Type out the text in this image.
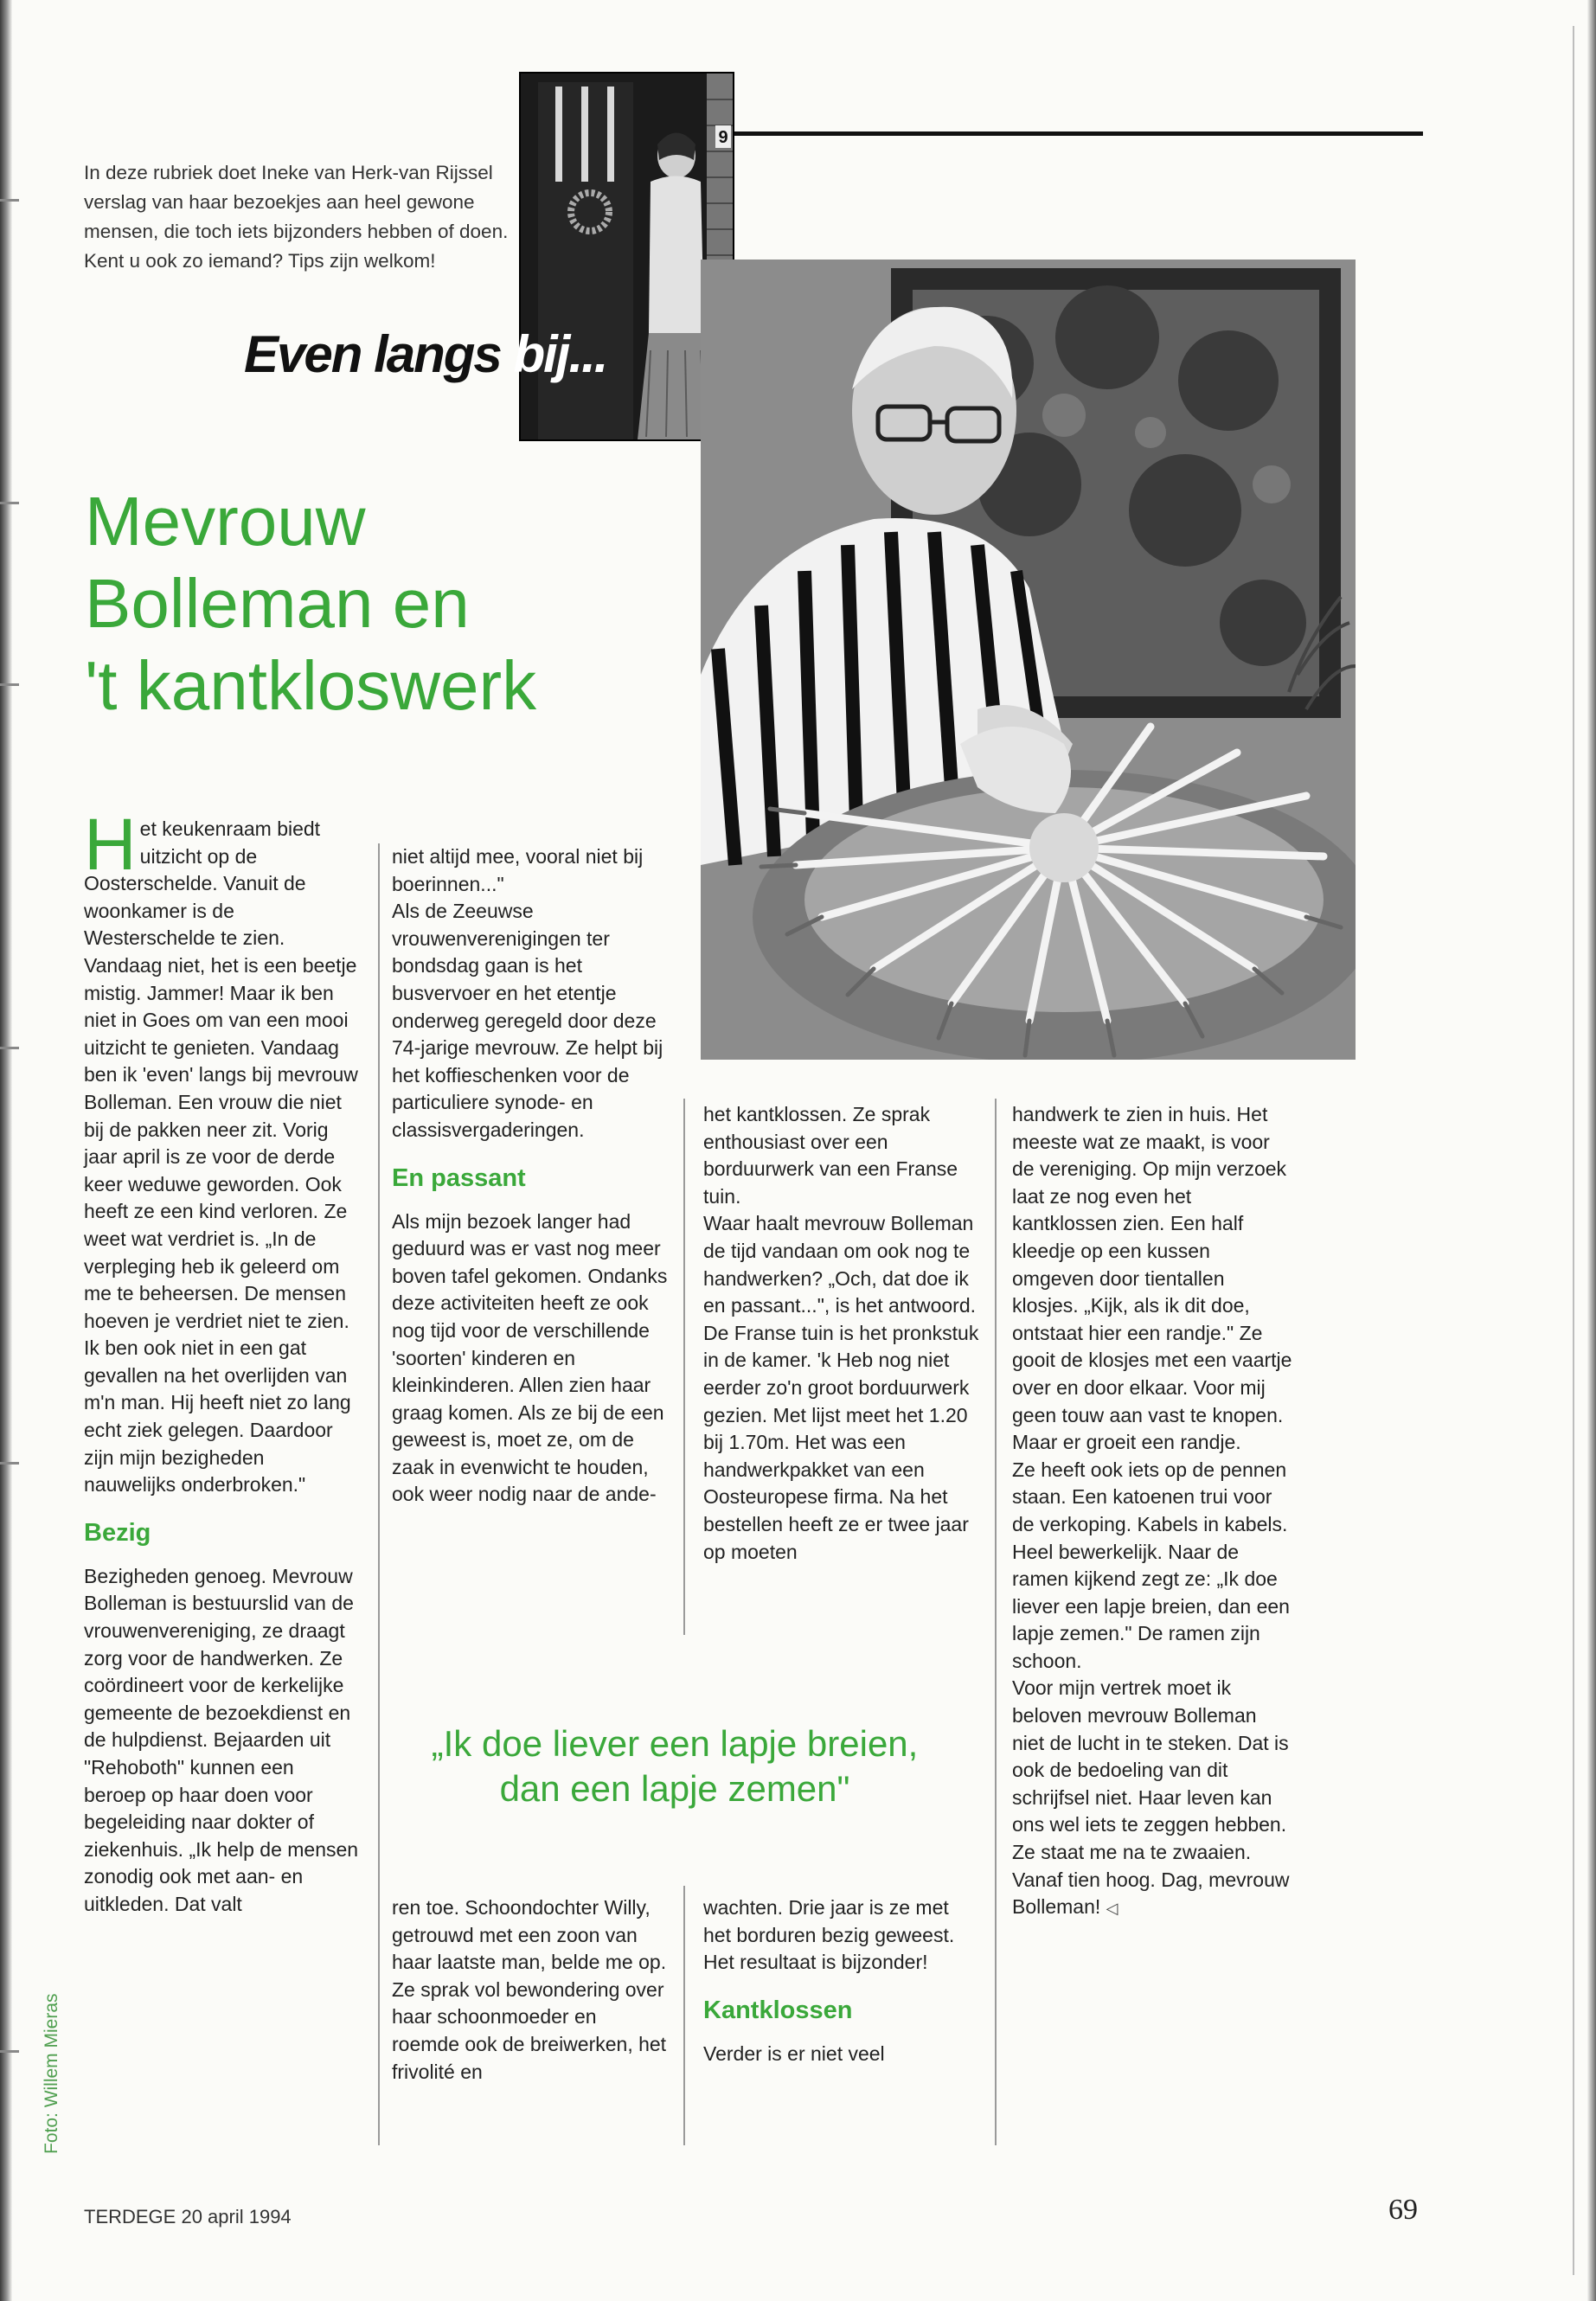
In deze rubriek doet Ineke van Herk-van Rijssel verslag van haar bezoekjes aan heel gewone mensen, die toch iets bijzonders hebben of doen. Kent u ook zo iemand? Tips zijn welkom!
9
Even langs bij...
Mevrouw
Bolleman en
't kantkloswerk

Het keukenraam biedt uitzicht op de Oosterschelde. Vanuit de woonkamer is de Westerschelde te zien. Vandaag niet, het is een beetje mistig. Jammer! Maar ik ben niet in Goes om van een mooi uitzicht te genieten. Vandaag ben ik 'even' langs bij mevrouw Bolleman. Een vrouw die niet bij de pakken neer zit. Vorig jaar april is ze voor de derde keer weduwe geworden. Ook heeft ze een kind verloren. Ze weet wat verdriet is. „In de verpleging heb ik geleerd om me te beheersen. De mensen hoeven je verdriet niet te zien. Ik ben ook niet in een gat gevallen na het overlijden van m'n man. Hij heeft niet zo lang echt ziek gelegen. Daardoor zijn mijn bezigheden nauwelijks onderbroken."

Bezig

Bezigheden genoeg. Mevrouw Bolleman is bestuurslid van de vrouwenvereniging, ze draagt zorg voor de handwerken. Ze coördineert voor de kerkelijke gemeente de bezoekdienst en de hulpdienst. Bejaarden uit "Rehoboth" kunnen een beroep op haar doen voor begeleiding naar dokter of ziekenhuis. „Ik help de mensen zonodig ook met aan- en uitkleden. Dat valt

niet altijd mee, vooral niet bij boerinnen..."

Als de Zeeuwse vrouwenverenigingen ter bondsdag gaan is het busvervoer en het etentje onderweg geregeld door deze 74-jarige mevrouw. Ze helpt bij het koffieschenken voor de particuliere synode- en classisvergaderingen.

En passant

Als mijn bezoek langer had geduurd was er vast nog meer boven tafel gekomen. Ondanks deze activiteiten heeft ze ook nog tijd voor de verschillende 'soorten' kinderen en kleinkinderen. Allen zien haar graag komen. Als ze bij de een geweest is, moet ze, om de zaak in evenwicht te houden, ook weer nodig naar de ande-

ren toe. Schoondochter Willy, getrouwd met een zoon van haar laatste man, belde me op. Ze sprak vol bewondering over haar schoonmoeder en roemde ook de breiwerken, het frivolité en

het kantklossen. Ze sprak enthousiast over een borduurwerk van een Franse tuin.

Waar haalt mevrouw Bolleman de tijd vandaan om ook nog te handwerken? „Och, dat doe ik en passant...", is het antwoord. De Franse tuin is het pronkstuk in de kamer. 'k Heb nog niet eerder zo'n groot borduurwerk gezien. Met lijst meet het 1.20 bij 1.70m. Het was een handwerkpakket van een Oosteuropese firma. Na het bestellen heeft ze er twee jaar op moeten

wachten. Drie jaar is ze met het borduren bezig geweest. Het resultaat is bijzonder!

Kantklossen

Verder is er niet veel

handwerk te zien in huis. Het meeste wat ze maakt, is voor de vereniging. Op mijn verzoek laat ze nog even het kantklossen zien. Een half kleedje op een kussen omgeven door tientallen klosjes. „Kijk, als ik dit doe, ontstaat hier een randje." Ze gooit de klosjes met een vaartje over en door elkaar. Voor mij geen touw aan vast te knopen. Maar er groeit een randje.

Ze heeft ook iets op de pennen staan. Een katoenen trui voor de verkoping. Kabels in kabels. Heel bewerkelijk. Naar de ramen kijkend zegt ze: „Ik doe liever een lapje breien, dan een lapje zemen." De ramen zijn schoon.

Voor mijn vertrek moet ik beloven mevrouw Bolleman niet de lucht in te steken. Dat is ook de bedoeling van dit schrijfsel niet. Haar leven kan ons wel iets te zeggen hebben. Ze staat me na te zwaaien. Vanaf tien hoog. Dag, mevrouw Bolleman! ◁

„Ik doe liever een lapje breien,
dan een lapje zemen"
Foto: Willem Mieras
TERDEGE 20 april 1994	69
